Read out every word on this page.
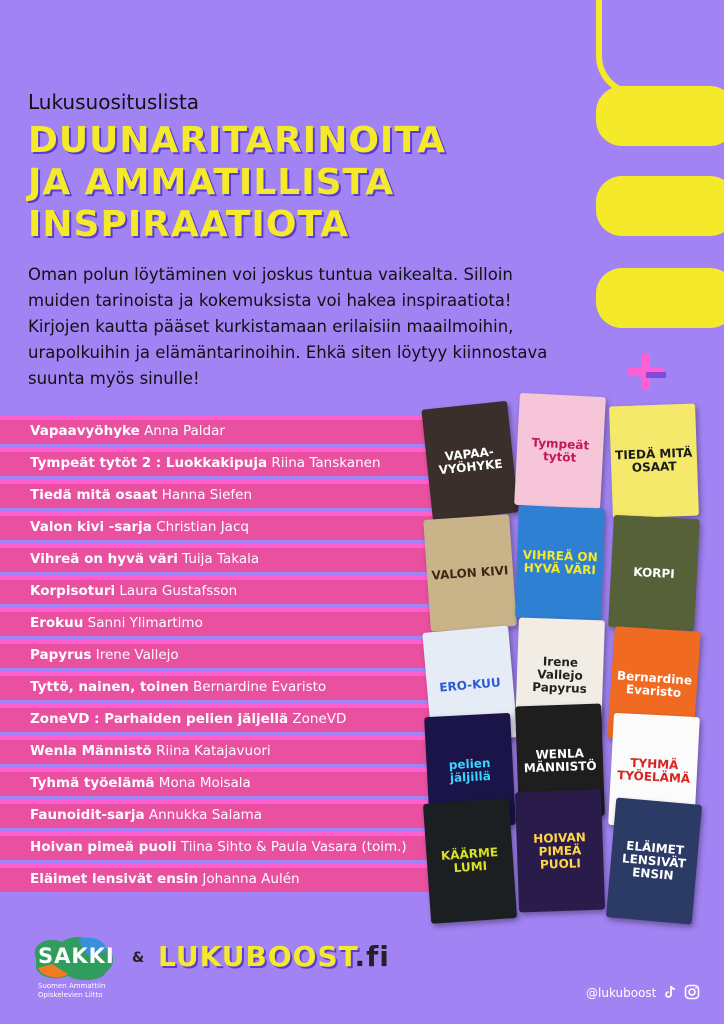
Lukusuosituslista
DUUNARITARINOITA
JA AMMATILLISTA
INSPIRAATIOTA

Oman polun löytäminen voi joskus tuntua vaikealta. Silloin muiden tarinoista ja kokemuksista voi hakea inspiraatiota! Kirjojen kautta pääset kurkistamaan erilaisiin maailmoihin, urapolkuihin ja elämäntarinoihin. Ehkä siten löytyy kiinnostava suunta myös sinulle!

Vapaavyöhyke Anna Paldar
Tympeät tytöt 2 : Luokkakipuja Riina Tanskanen
Tiedä mitä osaat Hanna Siefen
Valon kivi -sarja Christian Jacq
Vihreä on hyvä väri Tuija Takala
Korpisoturi Laura Gustafsson
Erokuu Sanni Ylimartimo
Papyrus Irene Vallejo
Tyttö, nainen, toinen Bernardine Evaristo
ZoneVD : Parhaiden pelien jäljellä ZoneVD
Wenla Männistö Riina Katajavuori
Tyhmä työelämä Mona Moisala
Faunoidit-sarja Annukka Salama
Hoivan pimeä puoli Tiina Sihto & Paula Vasara (toim.)
Eläimet lensivät ensin Johanna Aulén
VAPAA-VYÖHYKE
Tympeät tytöt	TIEDÄ MITÄ OSAAT
VALON KIVI
VIHREÄ ON HYVÄ VÄRI	KORPI
ERO-KUU
Irene Vallejo Papyrus	Bernardine Evaristo
pelien jäljillä
WENLA MÄNNISTÖ	TYHMÄ TYÖELÄMÄ
KÄÄRME LUMI
HOIVAN PIMEÄ PUOLI
ELÄIMET LENSIVÄT ENSIN
SAKKI
Suomen Ammattiin Opiskelevien Liitto
& LUKUBOOST.fi
@lukuboost
